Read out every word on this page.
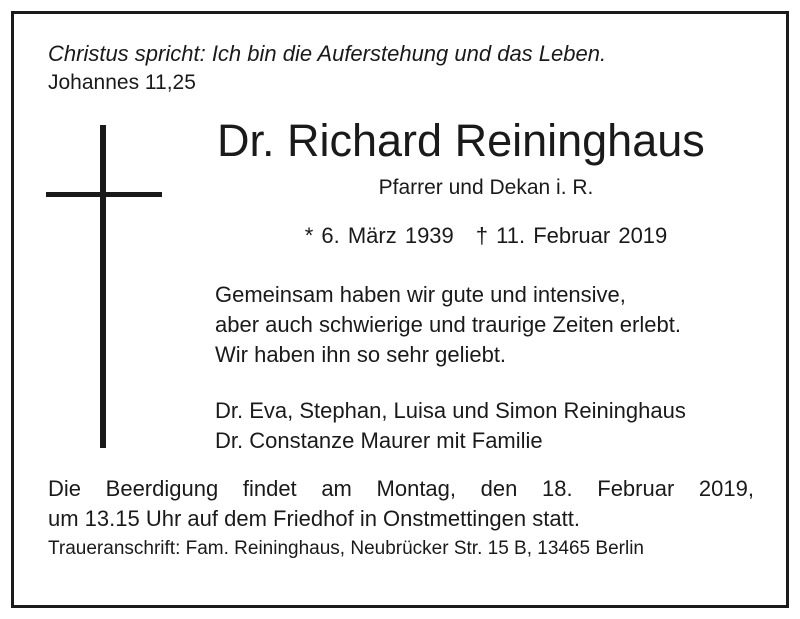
Christus spricht: Ich bin die Auferstehung und das Leben.
Johannes 11,25
Dr. Richard Reininghaus
Pfarrer und Dekan i. R.
* 6. März 1939 † 11. Februar 2019
Gemeinsam haben wir gute und intensive,
aber auch schwierige und traurige Zeiten erlebt.
Wir haben ihn so sehr geliebt.
Dr. Eva, Stephan, Luisa und Simon Reininghaus
Dr. Constanze Maurer mit Familie
Die Beerdigung findet am Montag, den 18. Februar 2019,
um 13.15 Uhr auf dem Friedhof in Onstmettingen statt.
Traueranschrift: Fam. Reininghaus, Neubrücker Str. 15 B, 13465 Berlin
